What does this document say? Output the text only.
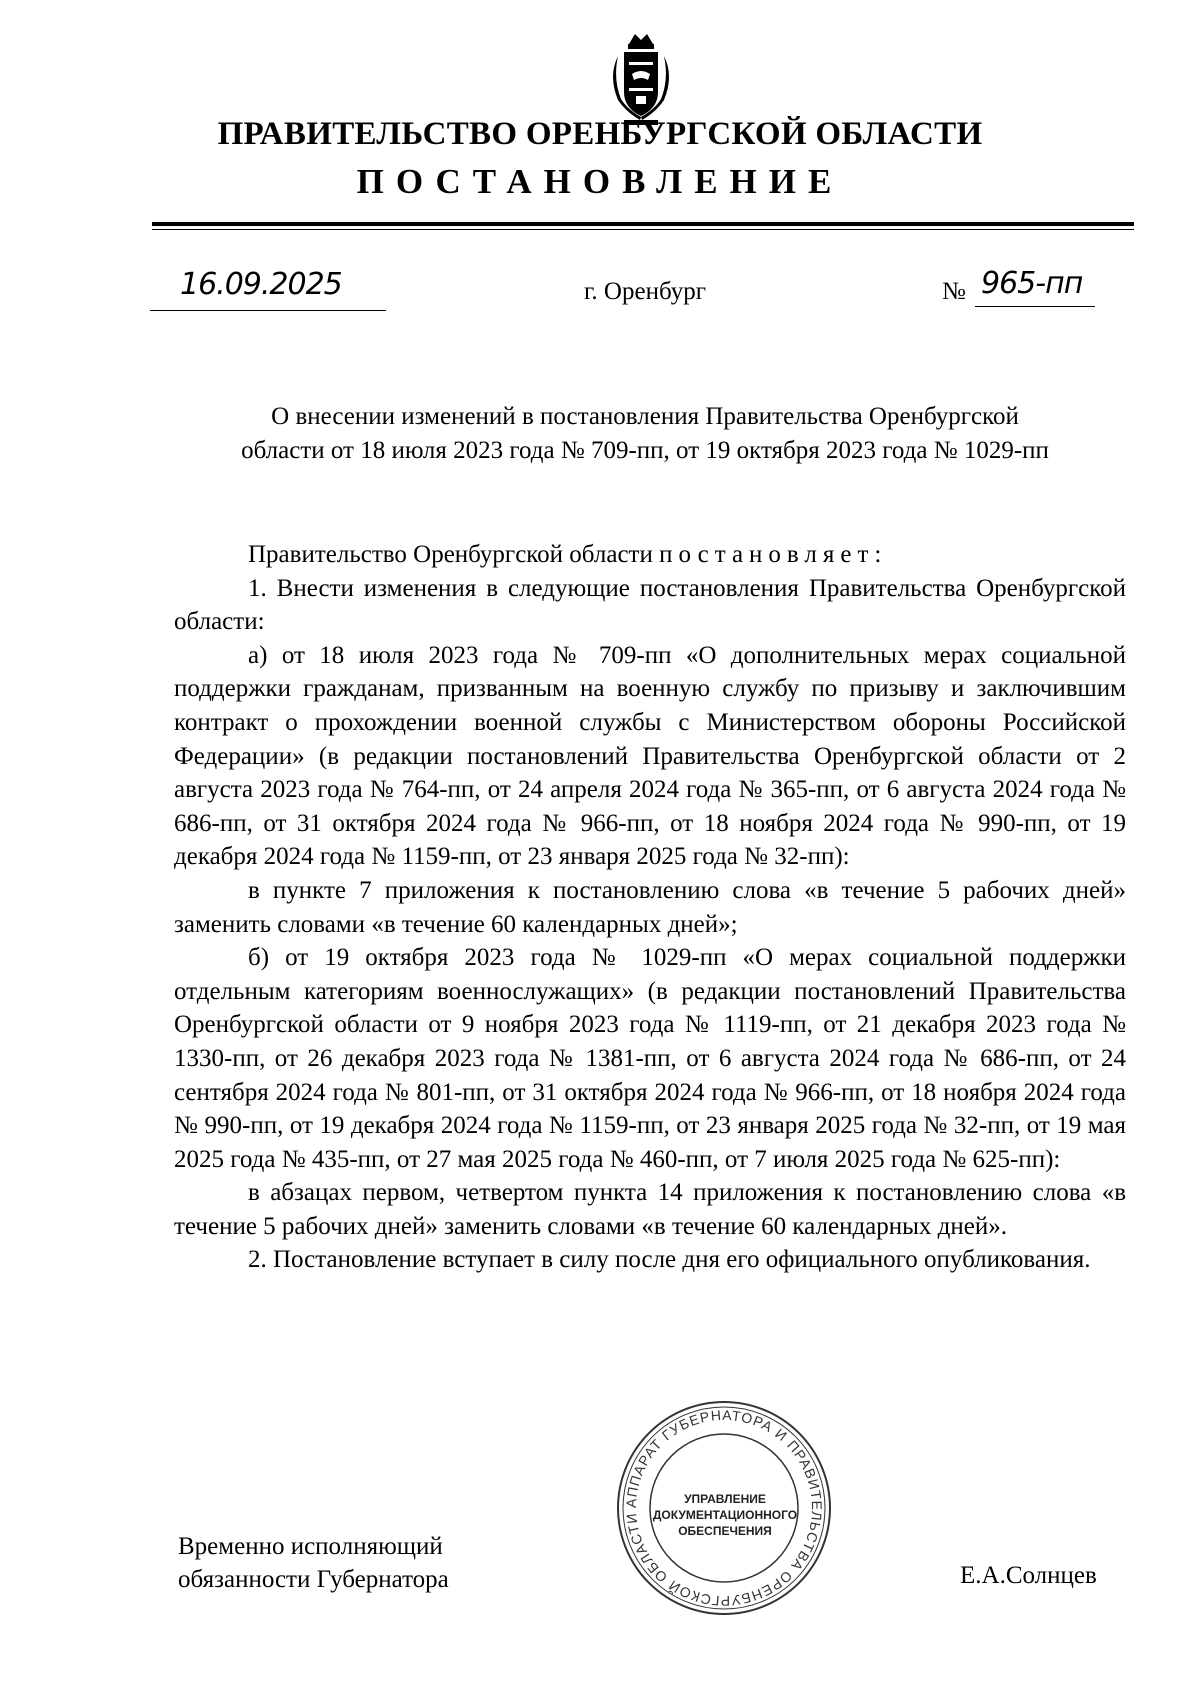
ПРАВИТЕЛЬСТВО ОРЕНБУРГСКОЙ ОБЛАСТИ
ПОСТАНОВЛЕНИЕ
16.09.2025	г. Оренбург	№ 965-пп
О внесении изменений в постановления Правительства Оренбургской
области от 18 июля 2023 года № 709-пп, от 19 октября 2023 года № 1029-пп

Правительство Оренбургской области постановляет:

1. Внести изменения в следующие постановления Правительства Оренбургской области:

а) от 18 июля 2023 года № 709-пп «О дополнительных мерах социальной поддержки гражданам, призванным на военную службу по призыву и заключившим контракт о прохождении военной службы с Министерством обороны Российской Федерации» (в редакции постановлений Правительства Оренбургской области от 2 августа 2023 года № 764-пп, от 24 апреля 2024 года № 365-пп, от 6 августа 2024 года № 686-пп, от 31 октября 2024 года № 966-пп, от 18 ноября 2024 года № 990-пп, от 19 декабря 2024 года № 1159-пп, от 23 января 2025 года № 32-пп):

в пункте 7 приложения к постановлению слова «в течение 5 рабочих дней» заменить словами «в течение 60 календарных дней»;

б) от 19 октября 2023 года № 1029-пп «О мерах социальной поддержки отдельным категориям военнослужащих» (в редакции постановлений Правительства Оренбургской области от 9 ноября 2023 года № 1119-пп, от 21 декабря 2023 года № 1330-пп, от 26 декабря 2023 года № 1381-пп, от 6 августа 2024 года № 686-пп, от 24 сентября 2024 года № 801-пп, от 31 октября 2024 года № 966-пп, от 18 ноября 2024 года № 990-пп, от 19 декабря 2024 года № 1159-пп, от 23 января 2025 года № 32-пп, от 19 мая 2025 года № 435-пп, от 27 мая 2025 года № 460-пп, от 7 июля 2025 года № 625-пп):

в абзацах первом, четвертом пункта 14 приложения к постановлению слова «в течение 5 рабочих дней» заменить словами «в течение 60 календарных дней».

2. Постановление вступает в силу после дня его официального опубликования.

Временно исполняющий
обязанности Губернатора
АППАРАТ ГУБЕРНАТОРА И ПРАВИТЕЛЬСТВА ОРЕНБУРГСКОЙ ОБЛАСТИ
УПРАВЛЕНИЕ
ДОКУМЕНТАЦИОННОГО
ОБЕСПЕЧЕНИЯ
Е.А.Солнцев
